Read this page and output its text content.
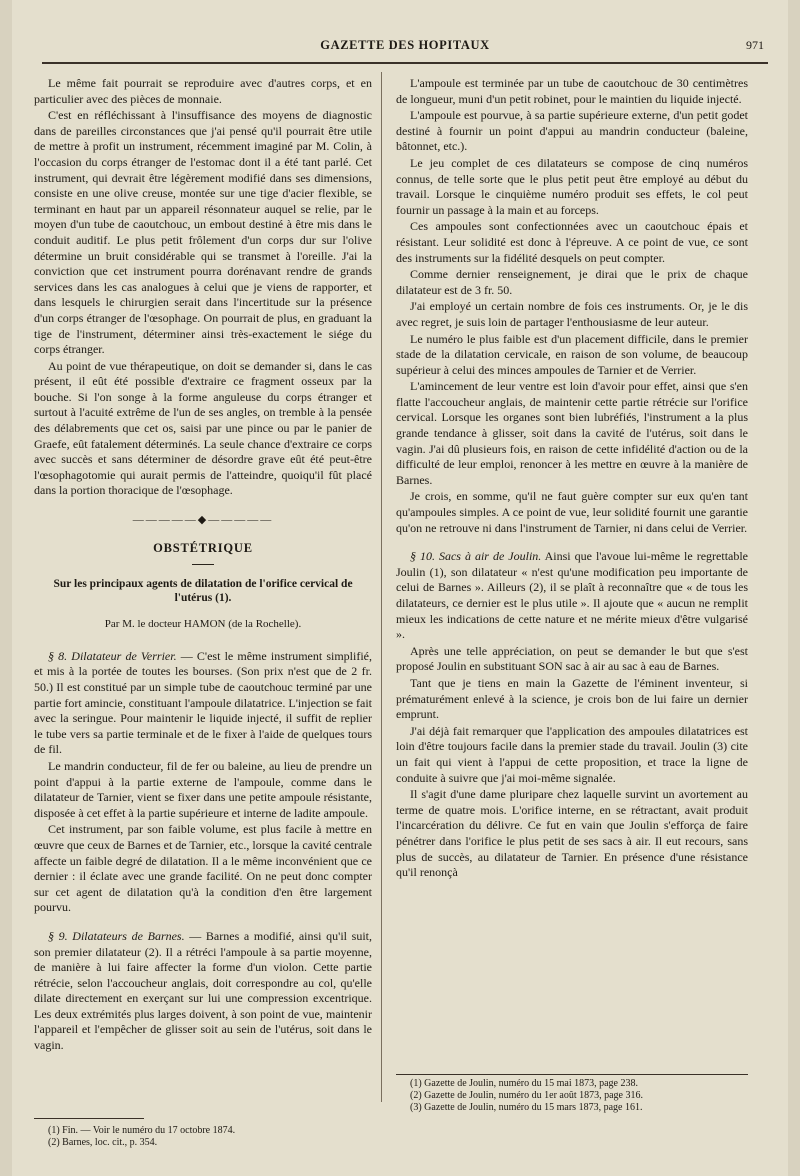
GAZETTE DES HOPITAUX	971

Le même fait pourrait se reproduire avec d'autres corps, et en particulier avec des pièces de monnaie.

C'est en réfléchissant à l'insuffisance des moyens de diagnostic dans de pareilles circonstances que j'ai pensé qu'il pourrait être utile de mettre à profit un instrument, récemment imaginé par M. Colin, à l'occasion du corps étranger de l'estomac dont il a été tant parlé. Cet instrument, qui devrait être légèrement modifié dans ses dimensions, consiste en une olive creuse, montée sur une tige d'acier flexible, se terminant en haut par un appareil résonnateur auquel se relie, par le moyen d'un tube de caoutchouc, un embout destiné à être mis dans le conduit auditif. Le plus petit frôlement d'un corps dur sur l'olive détermine un bruit considérable qui se transmet à l'oreille. J'ai la conviction que cet instrument pourra dorénavant rendre de grands services dans les cas analogues à celui que je viens de rapporter, et dans lesquels le chirurgien serait dans l'incertitude sur la présence d'un corps étranger de l'œsophage. On pourrait de plus, en graduant la tige de l'instrument, déterminer ainsi très-exactement le siége du corps étranger.

Au point de vue thérapeutique, on doit se demander si, dans le cas présent, il eût été possible d'extraire ce fragment osseux par la bouche. Si l'on songe à la forme anguleuse du corps étranger et surtout à l'acuité extrême de l'un de ses angles, on tremble à la pensée des délabrements que cet os, saisi par une pince ou par le panier de Graefe, eût fatalement déterminés. La seule chance d'extraire ce corps avec succès et sans déterminer de désordre grave eût été peut-être l'œsophagotomie qui aurait permis de l'atteindre, quoiqu'il fût placé dans la portion thoracique de l'œsophage.

—————◆—————
OBSTÉTRIQUE
Sur les principaux agents de dilatation de l'orifice cervical de l'utérus (1).
Par M. le docteur HAMON (de la Rochelle).

§ 8. Dilatateur de Verrier. — C'est le même instrument simplifié, et mis à la portée de toutes les bourses. (Son prix n'est que de 2 fr. 50.) Il est constitué par un simple tube de caoutchouc terminé par une partie fort amincie, constituant l'ampoule dilatatrice. L'injection se fait avec la seringue. Pour maintenir le liquide injecté, il suffit de replier le tube vers sa partie terminale et de le fixer à l'aide de quelques tours de fil.

Le mandrin conducteur, fil de fer ou baleine, au lieu de prendre un point d'appui à la partie externe de l'ampoule, comme dans le dilatateur de Tarnier, vient se fixer dans une petite ampoule résistante, disposée à cet effet à la partie supérieure et interne de ladite ampoule.

Cet instrument, par son faible volume, est plus facile à mettre en œuvre que ceux de Barnes et de Tarnier, etc., lorsque la cavité centrale affecte un faible degré de dilatation. Il a le même inconvénient que ce dernier : il éclate avec une grande facilité. On ne peut donc compter sur cet agent de dilatation qu'à la condition d'en être largement pourvu.

§ 9. Dilatateurs de Barnes. — Barnes a modifié, ainsi qu'il suit, son premier dilatateur (2). Il a rétréci l'ampoule à sa partie moyenne, de manière à lui faire affecter la forme d'un violon. Cette partie rétrécie, selon l'accoucheur anglais, doit correspondre au col, qu'elle dilate directement en exerçant sur lui une compression excentrique. Les deux extrémités plus larges doivent, à son point de vue, maintenir l'appareil et l'empêcher de glisser soit au sein de l'utérus, soit dans le vagin.

L'ampoule est terminée par un tube de caoutchouc de 30 centimètres de longueur, muni d'un petit robinet, pour le maintien du liquide injecté.

L'ampoule est pourvue, à sa partie supérieure externe, d'un petit godet destiné à fournir un point d'appui au mandrin conducteur (baleine, bâtonnet, etc.).

Le jeu complet de ces dilatateurs se compose de cinq numéros connus, de telle sorte que le plus petit peut être employé au début du travail. Lorsque le cinquième numéro produit ses effets, le col peut fournir un passage à la main et au forceps.

Ces ampoules sont confectionnées avec un caoutchouc épais et résistant. Leur solidité est donc à l'épreuve. A ce point de vue, ce sont des instruments sur la fidélité desquels on peut compter.

Comme dernier renseignement, je dirai que le prix de chaque dilatateur est de 3 fr. 50.

J'ai employé un certain nombre de fois ces instruments. Or, je le dis avec regret, je suis loin de partager l'enthousiasme de leur auteur.

Le numéro le plus faible est d'un placement difficile, dans le premier stade de la dilatation cervicale, en raison de son volume, de beaucoup supérieur à celui des minces ampoules de Tarnier et de Verrier.

L'amincement de leur ventre est loin d'avoir pour effet, ainsi que s'en flatte l'accoucheur anglais, de maintenir cette partie rétrécie sur l'orifice cervical. Lorsque les organes sont bien lubréfiés, l'instrument a la plus grande tendance à glisser, soit dans la cavité de l'utérus, soit dans le vagin. J'ai dû plusieurs fois, en raison de cette infidélité d'action ou de la difficulté de leur emploi, renoncer à les mettre en œuvre à la manière de Barnes.

Je crois, en somme, qu'il ne faut guère compter sur eux qu'en tant qu'ampoules simples. A ce point de vue, leur solidité fournit une garantie qu'on ne retrouve ni dans l'instrument de Tarnier, ni dans celui de Verrier.

§ 10. Sacs à air de Joulin. Ainsi que l'avoue lui-même le regrettable Joulin (1), son dilatateur « n'est qu'une modification peu importante de celui de Barnes ». Ailleurs (2), il se plaît à reconnaître que « de tous les dilatateurs, ce dernier est le plus utile ». Il ajoute que « aucun ne remplit mieux les indications de cette nature et ne mérite mieux d'être vulgarisé ».

Après une telle appréciation, on peut se demander le but que s'est proposé Joulin en substituant SON sac à air au sac à eau de Barnes.

Tant que je tiens en main la Gazette de l'éminent inventeur, si prématurément enlevé à la science, je crois bon de lui faire un dernier emprunt.

J'ai déjà fait remarquer que l'application des ampoules dilatatrices est loin d'être toujours facile dans la premier stade du travail. Joulin (3) cite un fait qui vient à l'appui de cette proposition, et trace la ligne de conduite à suivre que j'ai moi-même signalée.

Il s'agit d'une dame pluripare chez laquelle survint un avortement au terme de quatre mois. L'orifice interne, en se rétractant, avait produit l'incarcération du délivre. Ce fut en vain que Joulin s'efforça de faire pénétrer dans l'orifice le plus petit de ses sacs à air. Il eut recours, sans plus de succès, au dilatateur de Tarnier. En présence d'une résistance qu'il renonçà

(1) Fin. — Voir le numéro du 17 octobre 1874.

(2) Barnes, loc. cit., p. 354.

(1) Gazette de Joulin, numéro du 15 mai 1873, page 238.

(2) Gazette de Joulin, numéro du 1er août 1873, page 316.

(3) Gazette de Joulin, numéro du 15 mars 1873, page 161.
